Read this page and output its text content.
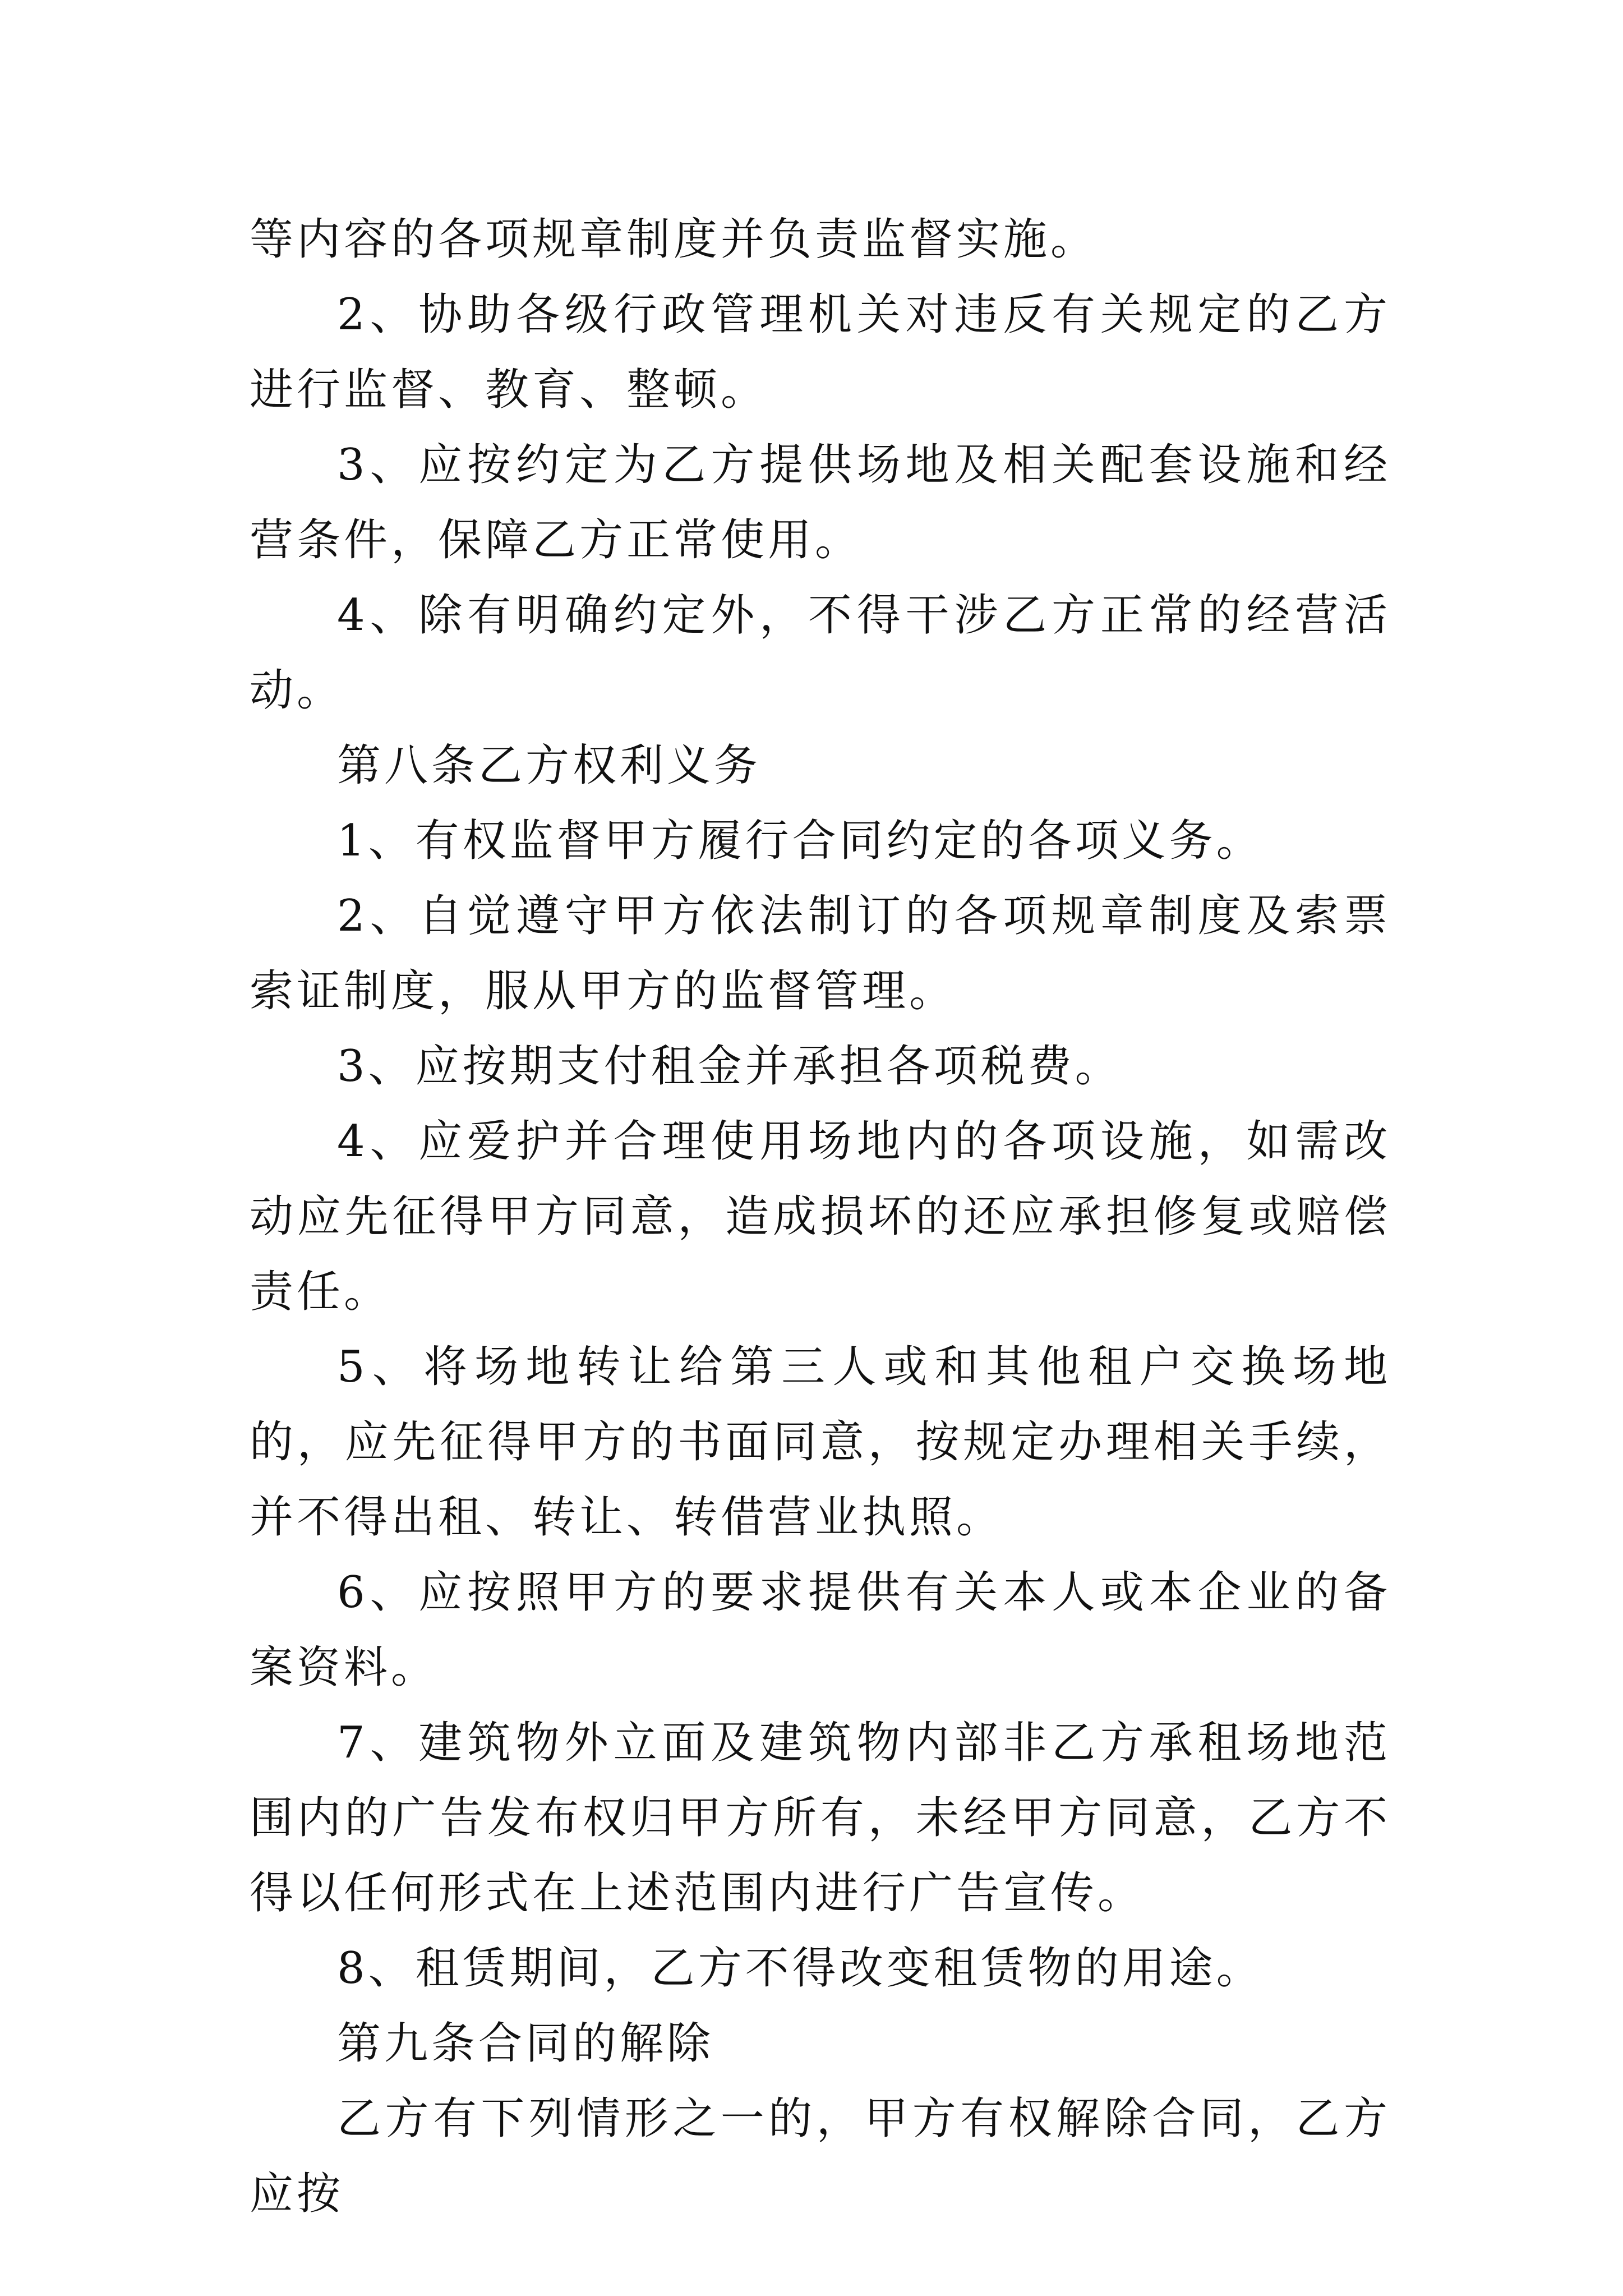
等内容的各项规章制度并负责监督实施。

2、协助各级行政管理机关对违反有关规定的乙方进行监督、教育、整顿。

3、应按约定为乙方提供场地及相关配套设施和经营条件，保障乙方正常使用。

4、除有明确约定外，不得干涉乙方正常的经营活动。

第八条乙方权利义务

1、有权监督甲方履行合同约定的各项义务。

2、自觉遵守甲方依法制订的各项规章制度及索票索证制度，服从甲方的监督管理。

3、应按期支付租金并承担各项税费。

4、应爱护并合理使用场地内的各项设施，如需改动应先征得甲方同意，造成损坏的还应承担修复或赔偿责任。

5、将场地转让给第三人或和其他租户交换场地的，应先征得甲方的书面同意，按规定办理相关手续，并不得出租、转让、转借营业执照。

6、应按照甲方的要求提供有关本人或本企业的备案资料。

7、建筑物外立面及建筑物内部非乙方承租场地范围内的广告发布权归甲方所有，未经甲方同意，乙方不得以任何形式在上述范围内进行广告宣传。

8、租赁期间，乙方不得改变租赁物的用途。

第九条合同的解除

乙方有下列情形之一的，甲方有权解除合同，乙方应按
